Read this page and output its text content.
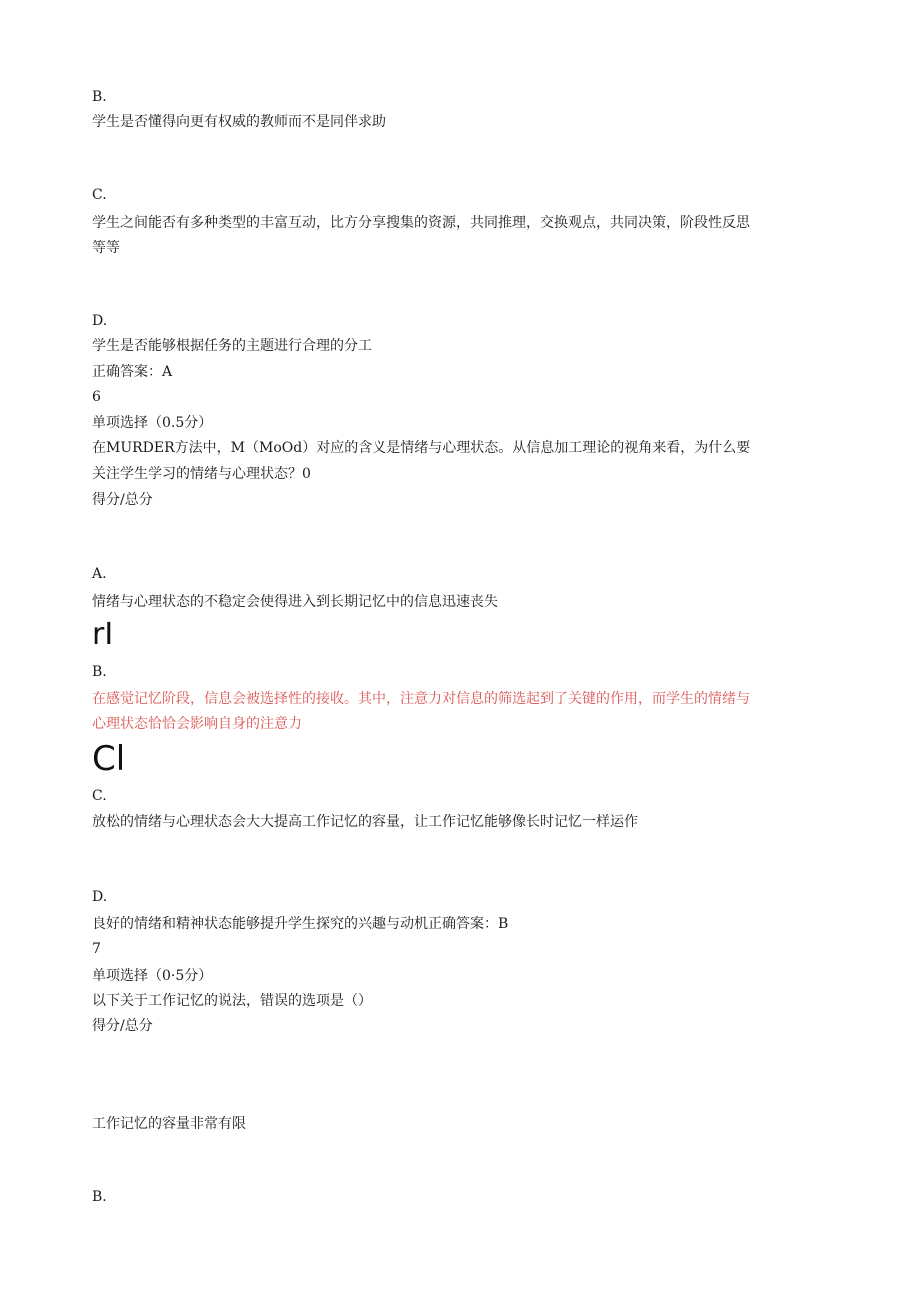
B.

学生是否懂得向更有权威的教师而不是同伴求助

C.

学生之间能否有多种类型的丰富互动，比方分享搜集的资源，共同推理，交换观点，共同决策，阶段性反思

等等

D.

学生是否能够根据任务的主题进行合理的分工

正确答案：A

6

单项选择（0.5分）

在MURDER方法中，M（MoOd）对应的含义是情绪与心理状态。从信息加工理论的视角来看，为什么要

关注学生学习的情绪与心理状态？0

得分/总分

A.

情绪与心理状态的不稳定会使得进入到长期记忆中的信息迅速丧失

rI

B.

在感觉记忆阶段，信息会被选择性的接收。其中，注意力对信息的筛选起到了关键的作用，而学生的情绪与

心理状态恰恰会影响自身的注意力

Cl

C.

放松的情绪与心理状态会大大提高工作记忆的容量，让工作记忆能够像长时记忆一样运作

D.

良好的情绪和精神状态能够提升学生探究的兴趣与动机正确答案：B

7

单项选择（0·5分）

以下关于工作记忆的说法，错误的选项是（）

得分/总分

工作记忆的容量非常有限

B.
